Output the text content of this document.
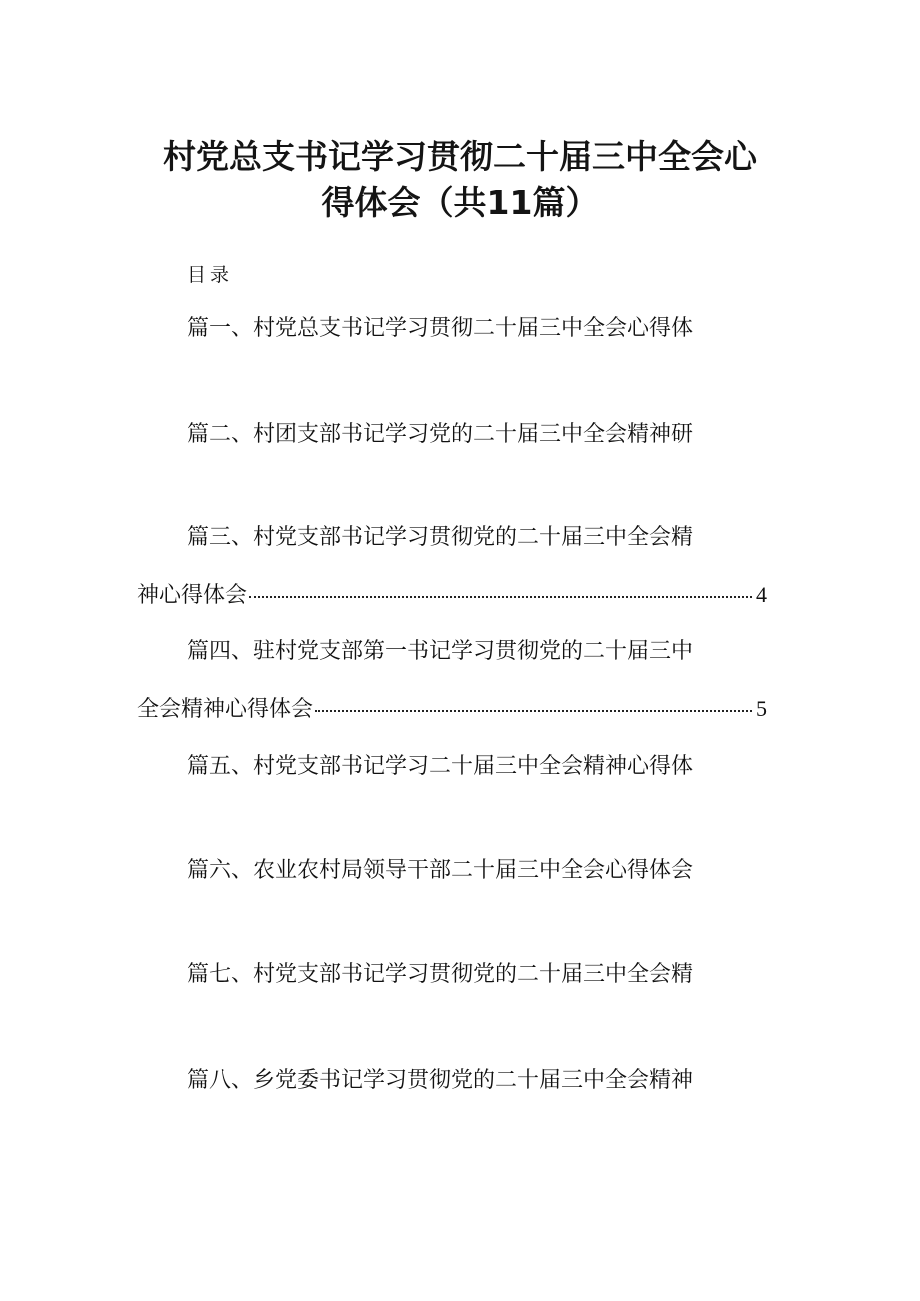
村党总支书记学习贯彻二十届三中全会心
得体会（共11篇）
目录
篇一、村党总支书记学习贯彻二十届三中全会心得体
篇二、村团支部书记学习党的二十届三中全会精神研
篇三、村党支部书记学习贯彻党的二十届三中全会精
神心得体会	4
篇四、驻村党支部第一书记学习贯彻党的二十届三中
全会精神心得体会	5
篇五、村党支部书记学习二十届三中全会精神心得体
篇六、农业农村局领导干部二十届三中全会心得体会
篇七、村党支部书记学习贯彻党的二十届三中全会精
篇八、乡党委书记学习贯彻党的二十届三中全会精神
